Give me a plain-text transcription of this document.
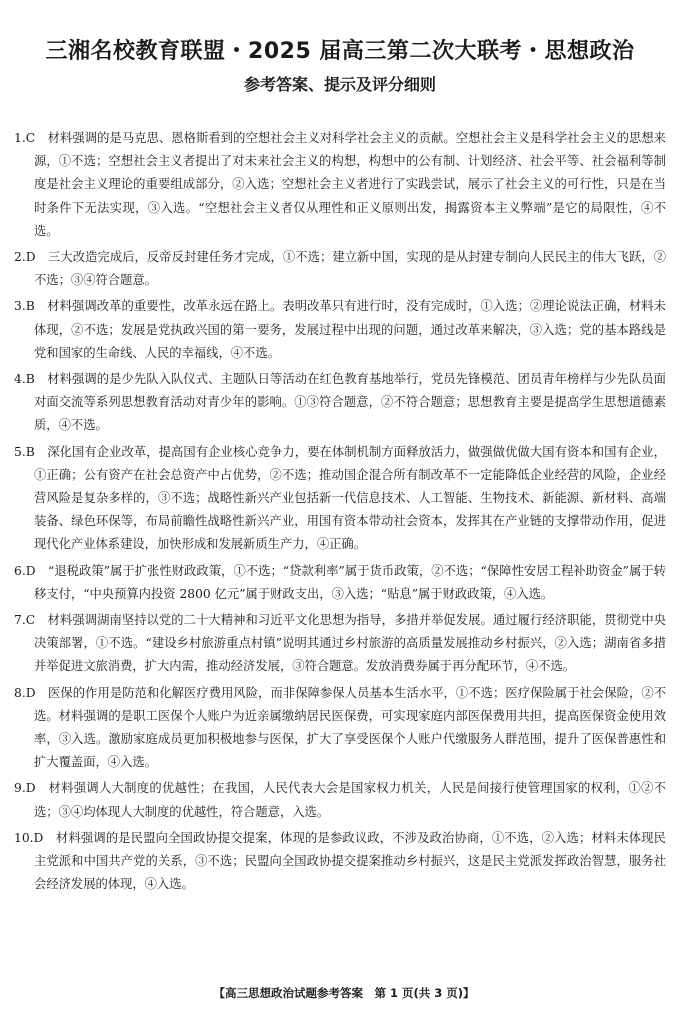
三湘名校教育联盟・2025 届高三第二次大联考・思想政治
参考答案、提示及评分细则

1.C　 材料强调的是马克思、恩格斯看到的空想社会主义对科学社会主义的贡献。空想社会主义是科学社会主义的思想来源，①不选；空想社会主义者提出了对未来社会主义的构想，构想中的公有制、计划经济、社会平等、社会福利等制度是社会主义理论的重要组成部分，②入选；空想社会主义者进行了实践尝试，展示了社会主义的可行性，只是在当时条件下无法实现，③入选。“空想社会主义者仅从理性和正义原则出发，揭露资本主义弊端”是它的局限性，④不选。

2.D　 三大改造完成后，反帝反封建任务才完成，①不选；建立新中国，实现的是从封建专制向人民民主的伟大飞跃，②不选；③④符合题意。

3.B　 材料强调改革的重要性，改革永远在路上。表明改革只有进行时，没有完成时，①入选；②理论说法正确，材料未体现，②不选；发展是党执政兴国的第一要务，发展过程中出现的问题，通过改革来解决，③入选；党的基本路线是党和国家的生命线、人民的幸福线，④不选。

4.B　 材料强调的是少先队入队仪式、主题队日等活动在红色教育基地举行，党员先锋模范、团员青年榜样与少先队员面对面交流等系列思想教育活动对青少年的影响。①③符合题意，②不符合题意；思想教育主要是提高学生思想道德素质，④不选。

5.B　 深化国有企业改革，提高国有企业核心竞争力，要在体制机制方面释放活力，做强做优做大国有资本和国有企业，①正确；公有资产在社会总资产中占优势，②不选；推动国企混合所有制改革不一定能降低企业经营的风险，企业经营风险是复杂多样的，③不选；战略性新兴产业包括新一代信息技术、人工智能、生物技术、新能源、新材料、高端装备、绿色环保等，布局前瞻性战略性新兴产业，用国有资本带动社会资本，发挥其在产业链的支撑带动作用，促进现代化产业体系建设，加快形成和发展新质生产力，④正确。

6.D　 “退税政策”属于扩张性财政政策，①不选；“贷款利率”属于货币政策，②不选；“保障性安居工程补助资金”属于转移支付，“中央预算内投资 2800 亿元”属于财政支出，③入选；“贴息”属于财政政策，④入选。

7.C　 材料强调湖南坚持以党的二十大精神和习近平文化思想为指导，多措并举促发展。通过履行经济职能，贯彻党中央决策部署，①不选。“建设乡村旅游重点村镇”说明其通过乡村旅游的高质量发展推动乡村振兴，②入选；湖南省多措并举促进文旅消费，扩大内需，推动经济发展，③符合题意。发放消费券属于再分配环节，④不选。

8.D　 医保的作用是防范和化解医疗费用风险，而非保障参保人员基本生活水平，①不选；医疗保险属于社会保险，②不选。材料强调的是职工医保个人账户为近亲属缴纳居民医保费，可实现家庭内部医保费用共担，提高医保资金使用效率，③入选。激励家庭成员更加积极地参与医保，扩大了享受医保个人账户代缴服务人群范围，提升了医保普惠性和扩大覆盖面，④入选。

9.D　 材料强调人大制度的优越性；在我国，人民代表大会是国家权力机关，人民是间接行使管理国家的权利，①②不选；③④均体现人大制度的优越性，符合题意，入选。

10.D　 材料强调的是民盟向全国政协提交提案，体现的是参政议政，不涉及政治协商，①不选，②入选；材料未体现民主党派和中国共产党的关系，③不选；民盟向全国政协提交提案推动乡村振兴，这是民主党派发挥政治智慧，服务社会经济发展的体现，④入选。

【高三思想政治试题参考答案　第 1 页(共 3 页)】
